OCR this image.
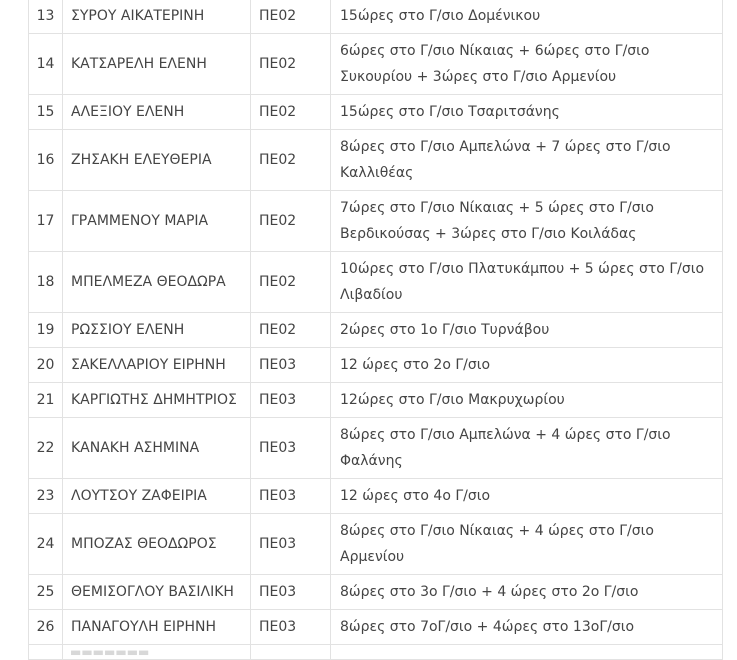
13	ΣΥΡΟΥ ΑΙΚΑΤΕΡΙΝΗ	ΠΕ02	15ώρες στο Γ/σιο Δομένικου
14	ΚΑΤΣΑΡΕΛΗ ΕΛΕΝΗ	ΠΕ02	6ώρες στο Γ/σιο Νίκαιας + 6ώρες στο Γ/σιο Συκουρίου + 3ώρες στο Γ/σιο Αρμενίου
15	ΑΛΕΞΙΟΥ ΕΛΕΝΗ	ΠΕ02	15ώρες στο Γ/σιο Τσαριτσάνης
16	ΖΗΣΑΚΗ ΕΛΕΥΘΕΡΙΑ	ΠΕ02	8ώρες στο Γ/σιο Αμπελώνα + 7 ώρες στο Γ/σιο Καλλιθέας
17	ΓΡΑΜΜΕΝΟΥ ΜΑΡΙΑ	ΠΕ02	7ώρες στο Γ/σιο Νίκαιας + 5 ώρες στο Γ/σιο Βερδικούσας + 3ώρες στο Γ/σιο Κοιλάδας
18	ΜΠΕΛΜΕΖΑ ΘΕΟΔΩΡΑ	ΠΕ02	10ώρες στο Γ/σιο Πλατυκάμπου + 5 ώρες στο Γ/σιο Λιβαδίου
19	ΡΩΣΣΙΟΥ ΕΛΕΝΗ	ΠΕ02	2ώρες στο 1ο Γ/σιο Τυρνάβου
20	ΣΑΚΕΛΛΑΡΙΟΥ ΕΙΡΗΝΗ	ΠΕ03	12 ώρες στο 2ο Γ/σιο
21	ΚΑΡΓΙΩΤΗΣ ΔΗΜΗΤΡΙΟΣ	ΠΕ03	12ώρες στο Γ/σιο Μακρυχωρίου
22	ΚΑΝΑΚΗ ΑΣΗΜΙΝΑ	ΠΕ03	8ώρες στο Γ/σιο Αμπελώνα + 4 ώρες στο Γ/σιο Φαλάνης
23	ΛΟΥΤΣΟΥ ΖΑΦΕΙΡΙΑ	ΠΕ03	12 ώρες στο 4ο Γ/σιο
24	ΜΠΟΖΑΣ ΘΕΟΔΩΡΟΣ	ΠΕ03	8ώρες στο Γ/σιο Νίκαιας + 4 ώρες στο Γ/σιο Αρμενίου
25	ΘΕΜΙΣΟΓΛΟΥ ΒΑΣΙΛΙΚΗ	ΠΕ03	8ώρες στο 3ο Γ/σιο + 4 ώρες στο 2ο Γ/σιο
26	ΠΑΝΑΓΟΥΛΗ ΕΙΡΗΝΗ	ΠΕ03	8ώρες στο 7οΓ/σιο + 4ώρες στο 13οΓ/σιο
	▬▬▬▬▬▬▬		
